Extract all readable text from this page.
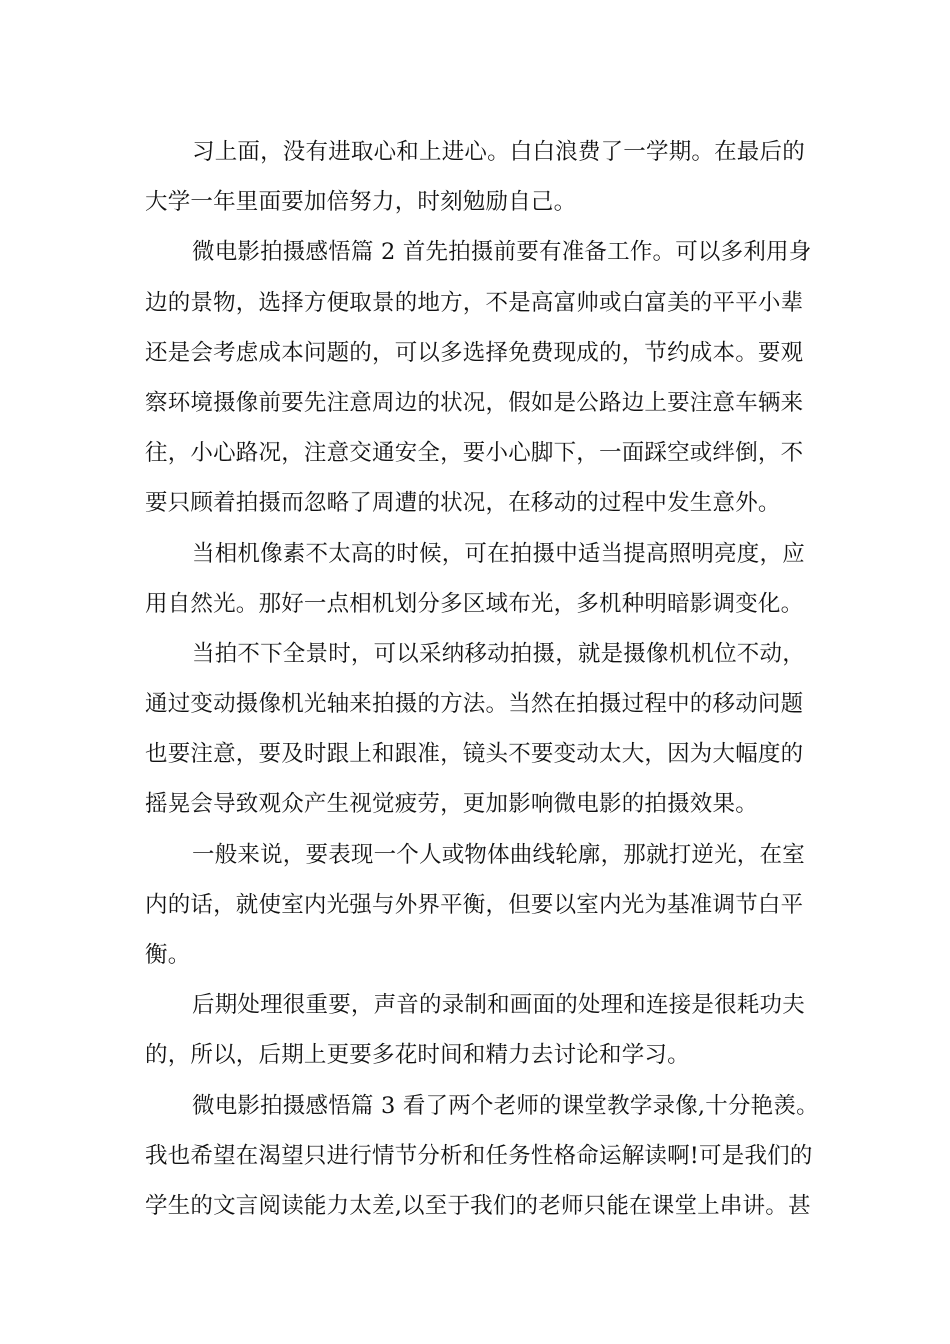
习上面，没有进取心和上进心。白白浪费了一学期。在最后的
大学一年里面要加倍努力，时刻勉励自己。
微电影拍摄感悟篇 2 首先拍摄前要有准备工作。可以多利用身
边的景物，选择方便取景的地方，不是高富帅或白富美的平平小辈
还是会考虑成本问题的，可以多选择免费现成的，节约成本。要观
察环境摄像前要先注意周边的状况，假如是公路边上要注意车辆来
往，小心路况，注意交通安全，要小心脚下，一面踩空或绊倒，不
要只顾着拍摄而忽略了周遭的状况，在移动的过程中发生意外。
当相机像素不太高的时候，可在拍摄中适当提高照明亮度，应
用自然光。那好一点相机划分多区域布光，多机种明暗影调变化。
当拍不下全景时，可以采纳移动拍摄，就是摄像机机位不动，
通过变动摄像机光轴来拍摄的方法。当然在拍摄过程中的移动问题
也要注意，要及时跟上和跟准，镜头不要变动太大，因为大幅度的
摇晃会导致观众产生视觉疲劳，更加影响微电影的拍摄效果。
一般来说，要表现一个人或物体曲线轮廓，那就打逆光，在室
内的话，就使室内光强与外界平衡，但要以室内光为基准调节白平
衡。
后期处理很重要，声音的录制和画面的处理和连接是很耗功夫
的，所以，后期上更要多花时间和精力去讨论和学习。
微电影拍摄感悟篇 3 看了两个老师的课堂教学录像,十分艳羡。
我也希望在渴望只进行情节分析和任务性格命运解读啊!可是我们的
学生的文言阅读能力太差,以至于我们的老师只能在课堂上串讲。甚
